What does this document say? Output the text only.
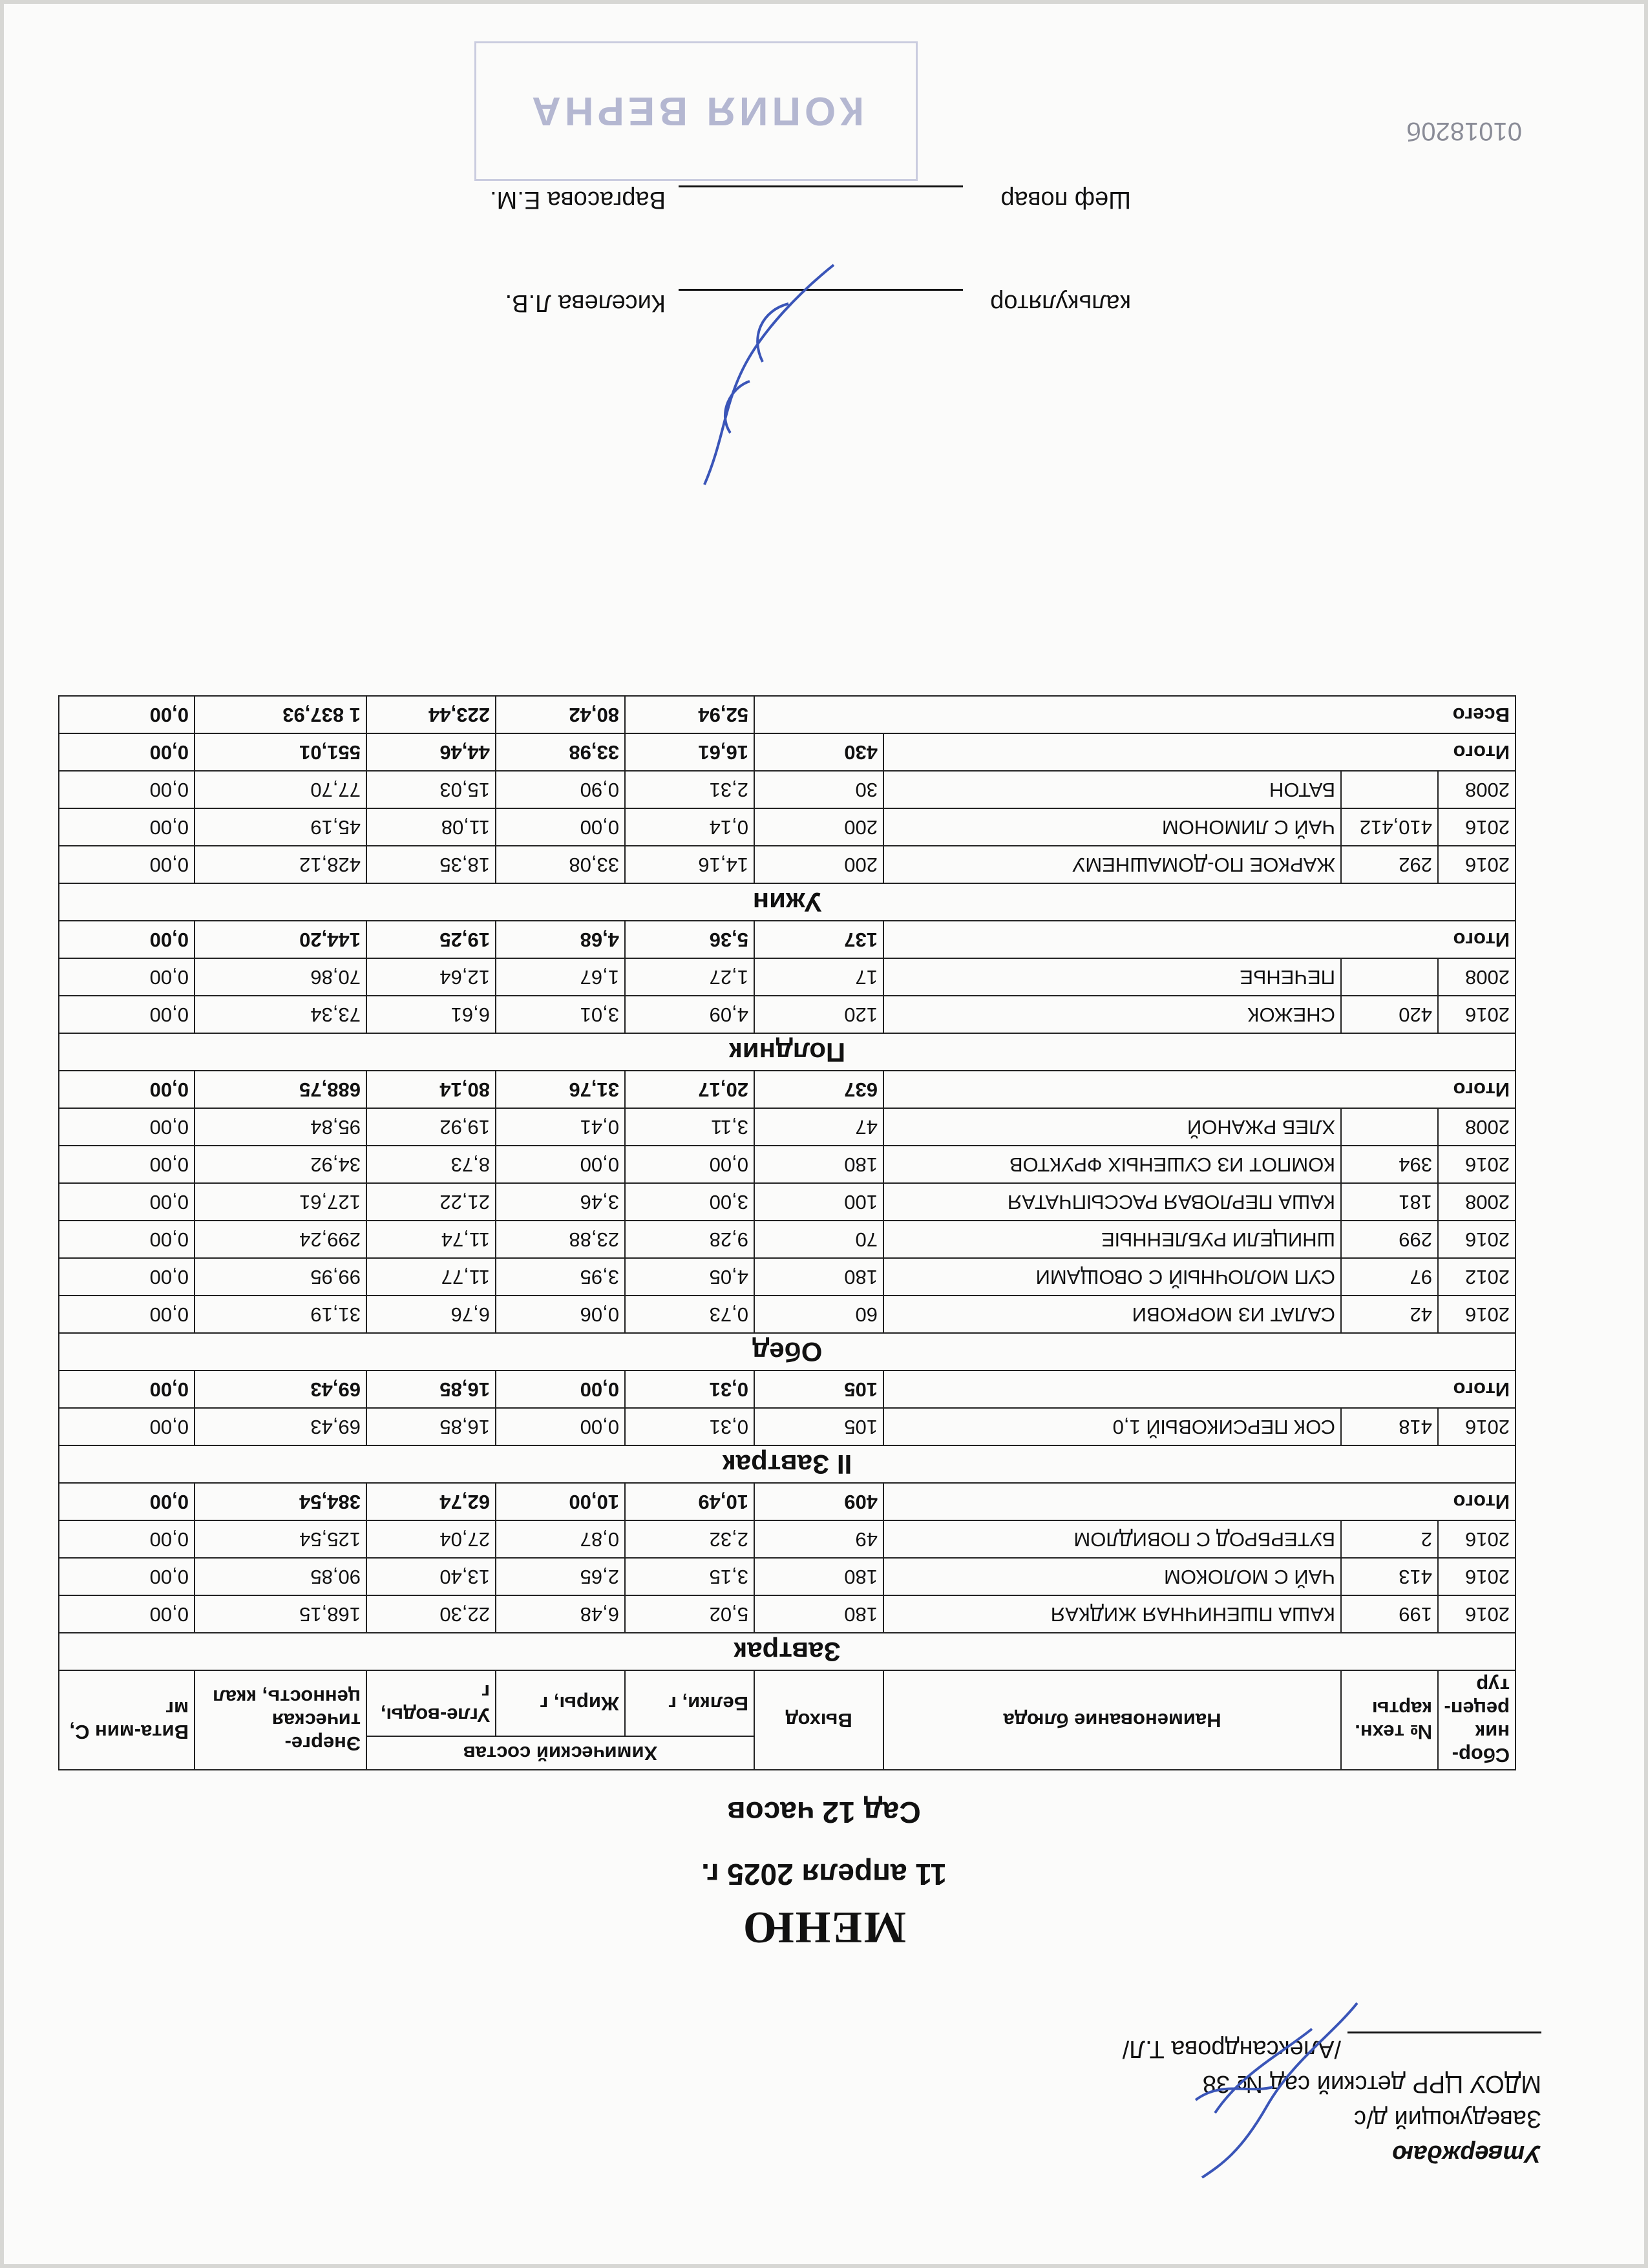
Утверждаю
Заведующий д/с
МДОУ ЦРР детский сад № 38
/Александрова Т.Л/
МЕНЮ
11 апреля 2025 г.
Сад 12 часов
Сбор-ник рецеп-тур	№ техн. карты	Наименование блюда	Выход	Химический состав			Энерге-тическая ценность, ккал	Вита-мин С, мг
				Белки, г	Жиры, г	Угле-воды, г		
Завтрак								
2016	199	КАША ПШЕНИЧНАЯ ЖИДКАЯ	180	5,02	6,48	22,30	168,15	0,00
2016	413	ЧАЙ С МОЛОКОМ	180	3,15	2,65	13,40	90,85	0,00
2016	2	БУТЕРБРОД С ПОВИДЛОМ	49	2,32	0,87	27,04	125,54	0,00
Итого			409	10,49	10,00	62,74	384,54	0,00
II Завтрак								
2016	418	СОК ПЕРСИКОВЫЙ 1,0	105	0,31	0,00	16,85	69,43	0,00
Итого			105	0,31	0,00	16,85	69,43	0,00
Обед								
2016	42	САЛАТ ИЗ МОРКОВИ	60	0,73	0,06	6,76	31,19	0,00
2012	97	СУП МОЛОЧНЫЙ С ОВОЩАМИ	180	4,05	3,95	11,77	99,95	0,00
2016	299	ШНИЦЕЛИ РУБЛЕННЫЕ	70	9,28	23,88	11,74	299,24	0,00
2008	181	КАША ПЕРЛОВАЯ РАССЫПЧАТАЯ	100	3,00	3,46	21,22	127,61	0,00
2016	394	КОМПОТ ИЗ СУШЕНЫХ ФРУКТОВ	180	0,00	0,00	8,73	34,92	0,00
2008		ХЛЕБ РЖАНОЙ	47	3,11	0,41	19,92	95,84	0,00
Итого			637	20,17	31,76	80,14	688,75	0,00
Полдник								
2016	420	СНЕЖОК	120	4,09	3,01	6,61	73,34	0,00
2008		ПЕЧЕНЬЕ	17	1,27	1,67	12,64	70,86	0,00
Итого			137	5,36	4,68	19,25	144,20	0,00
Ужин								
2016	292	ЖАРКОЕ ПО-ДОМАШНЕМУ	200	14,16	33,08	18,35	428,12	0,00
2016	410,412	ЧАЙ С ЛИМОНОМ	200	0,14	0,00	11,08	45,19	0,00
2008		БАТОН	30	2,31	0,90	15,03	77,70	0,00
Итого			430	16,61	33,98	44,46	551,01	0,00
Всего				52,94	80,42	223,44	1 837,93	0,00
калькуляторКиселева Л.В.
Шеф поварВаргасова Е.М.
КОПИЯ ВЕРНА	0101820б
